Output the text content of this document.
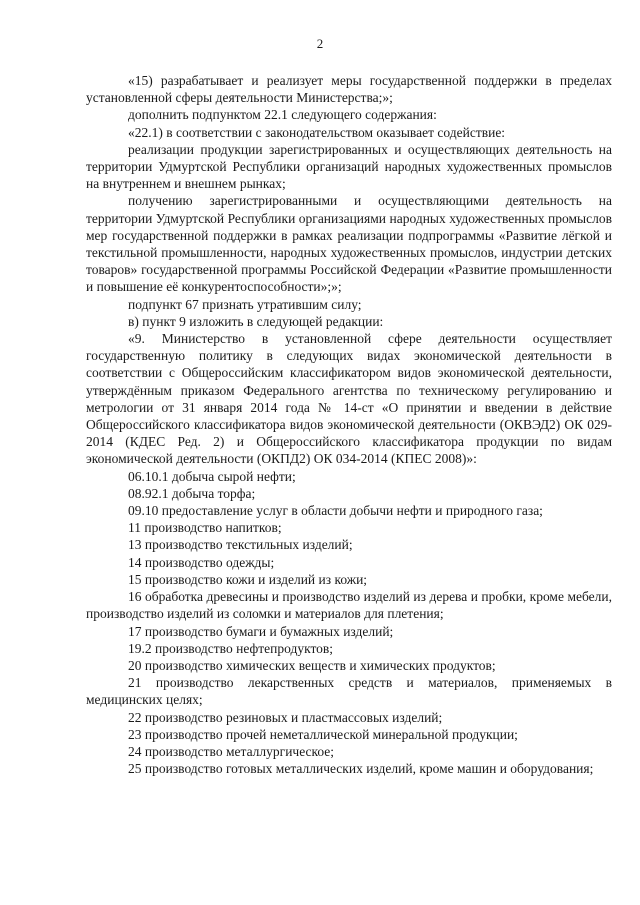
2

«15) разрабатывает и реализует меры государственной поддержки в пределах установленной сферы деятельности Министерства;»;

дополнить подпунктом 22.1 следующего содержания:

«22.1) в соответствии с законодательством оказывает содействие:

реализации продукции зарегистрированных и осуществляющих деятельность на территории Удмуртской Республики организаций народных художественных промыслов на внутреннем и внешнем рынках;

получению зарегистрированными и осуществляющими деятельность на территории Удмуртской Республики организациями народных художественных промыслов мер государственной поддержки в рамках реализации подпрограммы «Развитие лёгкой и текстильной промышленности, народных художественных промыслов, индустрии детских товаров» государственной программы Российской Федерации «Развитие промышленности и повышение её конкурентоспособности»;»;

подпункт 67 признать утратившим силу;

в) пункт 9 изложить в следующей редакции:

«9. Министерство в установленной сфере деятельности осуществляет государственную политику в следующих видах экономической деятельности в соответствии с Общероссийским классификатором видов экономической деятельности, утверждённым приказом Федерального агентства по техническому регулированию и метрологии от 31 января 2014 года № 14-ст «О принятии и введении в действие Общероссийского классификатора видов экономической деятельности (ОКВЭД2) ОК 029-2014 (КДЕС Ред. 2) и Общероссийского классификатора продукции по видам экономической деятельности (ОКПД2) ОК 034-2014 (КПЕС 2008)»:

06.10.1 добыча сырой нефти;

08.92.1 добыча торфа;

09.10 предоставление услуг в области добычи нефти и природного газа;

11 производство напитков;

13 производство текстильных изделий;

14 производство одежды;

15 производство кожи и изделий из кожи;

16 обработка древесины и производство изделий из дерева и пробки, кроме мебели, производство изделий из соломки и материалов для плетения;

17 производство бумаги и бумажных изделий;

19.2 производство нефтепродуктов;

20 производство химических веществ и химических продуктов;

21 производство лекарственных средств и материалов, применяемых в медицинских целях;

22 производство резиновых и пластмассовых изделий;

23 производство прочей неметаллической минеральной продукции;

24 производство металлургическое;

25 производство готовых металлических изделий, кроме машин и оборудования;
